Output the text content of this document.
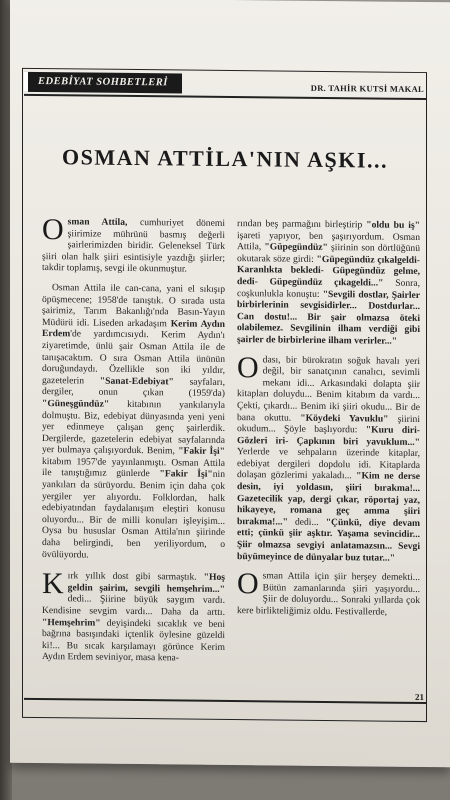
EDEBİYAT SOHBETLERİ
DR. TAHİR KUTSİ MAKAL
OSMAN ATTİLA'NIN AŞKI...

Osman Attila, cumhuriyet dönemi şiirimize mührünü basmış değerli şairlerimizden biridir. Geleneksel Türk şiiri olan halk şiiri esintisiyle yazdığı şiirler; takdir toplamış, sevgi ile okunmuştur.

Osman Attila ile can-cana, yani el sıkışıp öpüşmecene; 1958'de tanıştık. O sırada usta şairimiz, Tarım Bakanlığı'nda Basın-Yayın Müdürü idi. Liseden arkadaşım Kerim Aydın Erdem'de yardımcısıydı. Kerim Aydın'ı ziyaretimde, ünlü şair Osman Attila ile de tanışacaktım. O sıra Osman Attila ününün doruğundaydı. Özellikle son iki yıldır, gazetelerin "Sanat-Edebiyat" sayfaları, dergiler, onun çıkan (1959'da) "Güneşgündüz" kitabının yankılarıyla dolmuştu. Biz, edebiyat dünyasında yeni yeni yer edinmeye çalışan genç şairlerdik. Dergilerde, gazetelerin edebiyat sayfalarında yer bulmaya çalışıyorduk. Benim, "Fakir İşi" kitabım 1957'de yayınlanmıştı. Osman Attila ile tanıştığımız günlerde "Fakir İşi"nin yankıları da sürüyordu. Benim için daha çok yergiler yer alıyordu. Folklordan, halk edebiyatından faydalanışım eleştiri konusu oluyordu... Bir de milli konuları işleyişim... Oysa bu hususlar Osman Attila'nın şiirinde daha belirgindi, ben yeriliyordum, o övülüyordu.

Kırk yıllık dost gibi sarmaştık. "Hoş geldin şairim, sevgili hemşehrim..." dedi... Şiirine büyük saygım vardı. Kendisine sevgim vardı... Daha da arttı. "Hemşehrim" deyişindeki sıcaklık ve beni bağrına basışındaki içtenlik öylesine güzeldi ki!... Bu sıcak karşılamayı görünce Kerim Aydın Erdem seviniyor, masa kena-

rından beş parmağını birleştirip "oldu bu iş" işareti yapıyor, ben şaşırıyordum. Osman Attila, "Güpegündüz" şiirinin son dörtlüğünü okutarak söze girdi: "Güpegündüz çıkalgeldi- Karanlıkta bekledi- Güpegündüz gelme, dedi- Güpegündüz çıkageldi..." Sonra, coşkunlukla konuştu: "Sevgili dostlar, Şairler birbirlerinin sevgisidirler... Dostdurlar... Can dostu!... Bir şair olmazsa öteki olabilemez. Sevgilinin ilham verdiği gibi şairler de birbirlerine ilham verirler..."

Odası, bir bürokratın soğuk havalı yeri değil, bir sanatçının canalıcı, sevimli mekanı idi... Arkasındaki dolapta şiir kitapları doluydu... Benim kitabım da vardı... Çekti, çıkardı... Benim iki şiiri okudu... Bir de bana okuttu. "Köydeki Yavuklu" şiirini okudum... Şöyle başlıyordu: "Kuru diri- Gözleri iri- Çapkının biri yavuklum..." Yerlerde ve sehpaların üzerinde kitaplar, edebiyat dergileri dopdolu idi. Kitaplarda dolaşan gözlerimi yakaladı... "Kim ne derse desin, iyi yoldasın, şiiri bırakma!... Gazetecilik yap, dergi çıkar, röportaj yaz, hikayeye, romana geç amma şiiri bırakma!..." dedi... "Çünkü, diye devam etti; çünkü şiir aşktır. Yaşama sevincidir... Şiir olmazsa sevgiyi anlatamazsın... Sevgi büyümeyince de dünyalar buz tutar..."

Osman Attila için şiir herşey demekti... Bütün zamanlarında şiiri yaşıyordu... Şiir de doluyordu... Sonraki yıllarda çok kere birlikteliğimiz oldu. Festivallerde,

21
